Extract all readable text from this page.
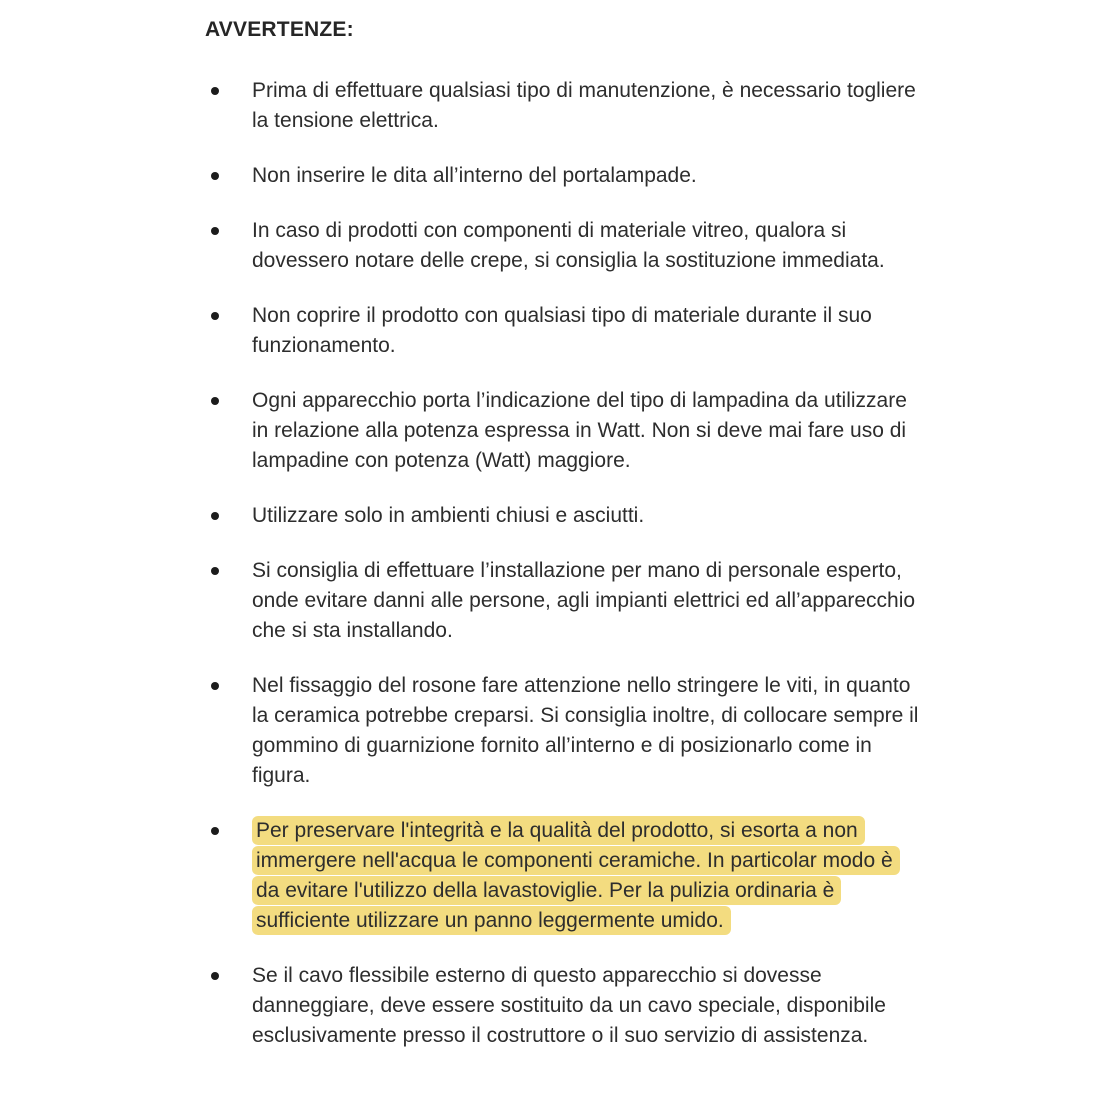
AVVERTENZE:
Prima di effettuare qualsiasi tipo di manutenzione, è necessario togliere la tensione elettrica.
Non inserire le dita all’interno del portalampade.
In caso di prodotti con componenti di materiale vitreo, qualora si dovessero notare delle crepe, si consiglia la sostituzione immediata.
Non coprire il prodotto con qualsiasi tipo di materiale durante il suo funzionamento.
Ogni apparecchio porta l’indicazione del tipo di lampadina da utilizzare in relazione alla potenza espressa in Watt. Non si deve mai fare uso di lampadine con potenza (Watt) maggiore.
Utilizzare solo in ambienti chiusi e asciutti.
Si consiglia di effettuare l’installazione per mano di personale esperto, onde evitare danni alle persone, agli impianti elettrici ed all’apparecchio che si sta installando.
Nel fissaggio del rosone fare attenzione nello stringere le viti, in quanto la ceramica potrebbe creparsi. Si consiglia inoltre, di collocare sempre il gommino di guarnizione fornito all’interno e di posizionarlo come in figura.
Per preservare l'integrità e la qualità del prodotto, si esorta a non immergere nell'acqua le componenti ceramiche. In particolar modo è da evitare l'utilizzo della lavastoviglie. Per la pulizia ordinaria è sufficiente utilizzare un panno leggermente umido.
Se il cavo flessibile esterno di questo apparecchio si dovesse danneggiare, deve essere sostituito da un cavo speciale, disponibile esclusivamente presso il costruttore o il suo servizio di assistenza.
